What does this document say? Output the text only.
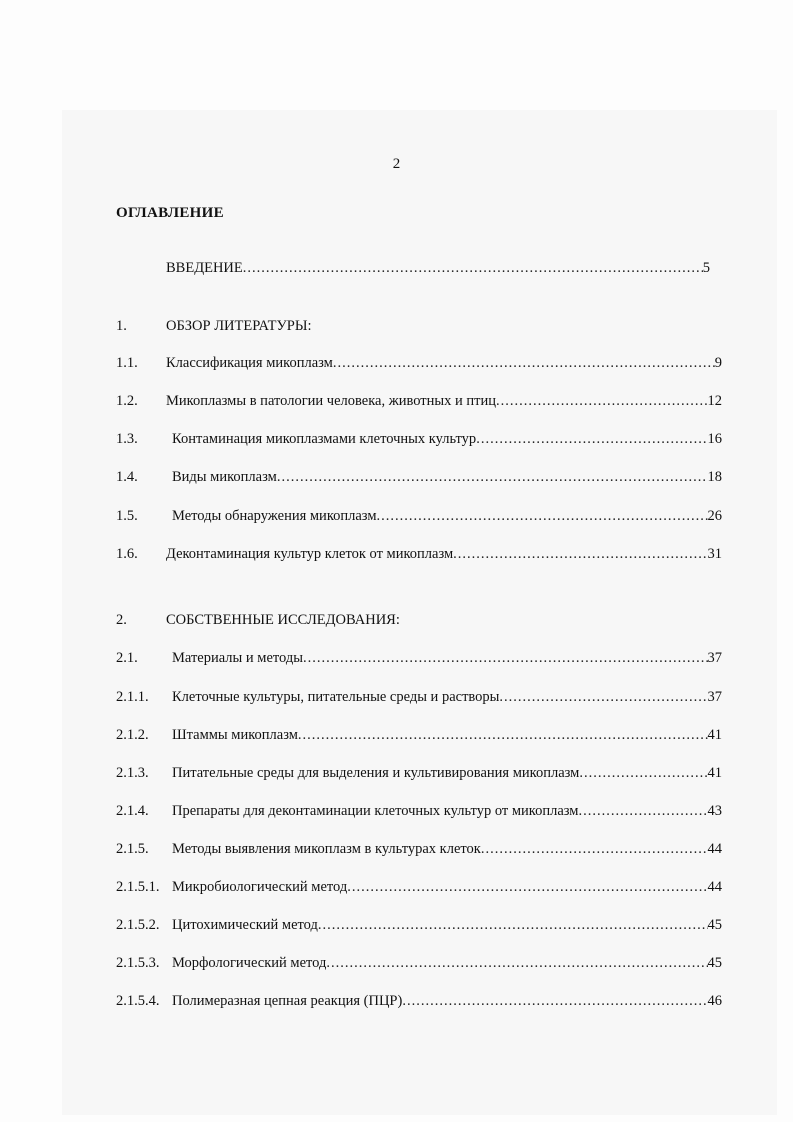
2
ОГЛАВЛЕНИЕ
ВВЕДЕНИЕ .....	5
1.	ОБЗОР ЛИТЕРАТУРЫ:
1.1.	Классификация микоплазм .....	9
1.2.	Микоплазмы в патологии человека, животных и птиц .....	12
1.3.	Контаминация микоплазмами клеточных культур .....	16
1.4.	Виды микоплазм .....	18
1.5.	Методы обнаружения микоплазм .....	26
1.6.	Деконтаминация культур клеток от микоплазм .....	31
2.	СОБСТВЕННЫЕ ИССЛЕДОВАНИЯ:
2.1.	Материалы и методы .....	37
2.1.1.	Клеточные культуры, питательные среды и растворы .....	37
2.1.2.	Штаммы микоплазм .....	41
2.1.3.	Питательные среды для выделения и культивирования микоплазм .....	41
2.1.4.	Препараты для деконтаминации клеточных культур от микоплазм .....	43
2.1.5.	Методы выявления микоплазм в культурах клеток .....	44
2.1.5.1. Микробиологический метод .....	44
2.1.5.2. Цитохимический метод .....	45
2.1.5.3. Морфологический метод .....	45
2.1.5.4. Полимеразная цепная реакция (ПЦР) .....	46
